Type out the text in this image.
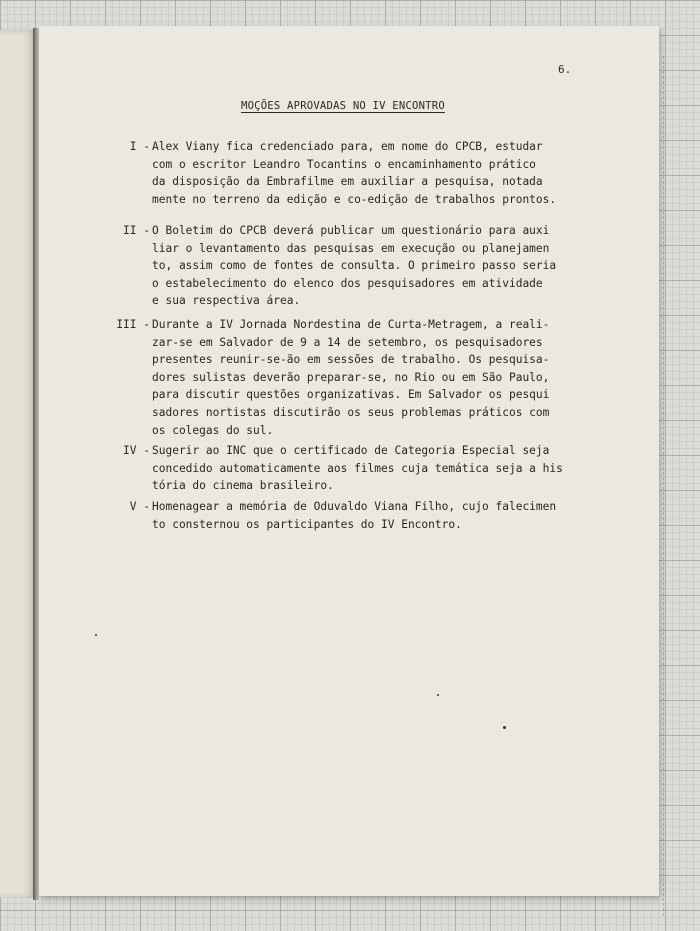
6.
MOÇÕES APROVADAS NO IV ENCONTRO
I - Alex Viany fica credenciado para, em nome do CPCB, estudar
com o escritor Leandro Tocantins o encaminhamento prático
da disposição da Embrafilme em auxiliar a pesquisa, notada
mente no terreno da edição e co-edição de trabalhos prontos.
II - O Boletim do CPCB deverá publicar um questionário para auxi
liar o levantamento das pesquisas em execução ou planejamen
to, assim como de fontes de consulta. O primeiro passo seria
o estabelecimento do elenco dos pesquisadores em atividade
e sua respectiva área.
III - Durante a IV Jornada Nordestina de Curta-Metragem, a reali-
zar-se em Salvador de 9 a 14 de setembro, os pesquisadores
presentes reunir-se-ão em sessões de trabalho. Os pesquisa-
dores sulistas deverão preparar-se, no Rio ou em São Paulo,
para discutir questões organizativas. Em Salvador os pesqui
sadores nortistas discutirão os seus problemas práticos com
os colegas do sul.
IV - Sugerir ao INC que o certificado de Categoria Especial seja
concedido automaticamente aos filmes cuja temática seja a his
tória do cinema brasileiro.
V - Homenagear a memória de Oduvaldo Viana Filho, cujo falecimen
to consternou os participantes do IV Encontro.
